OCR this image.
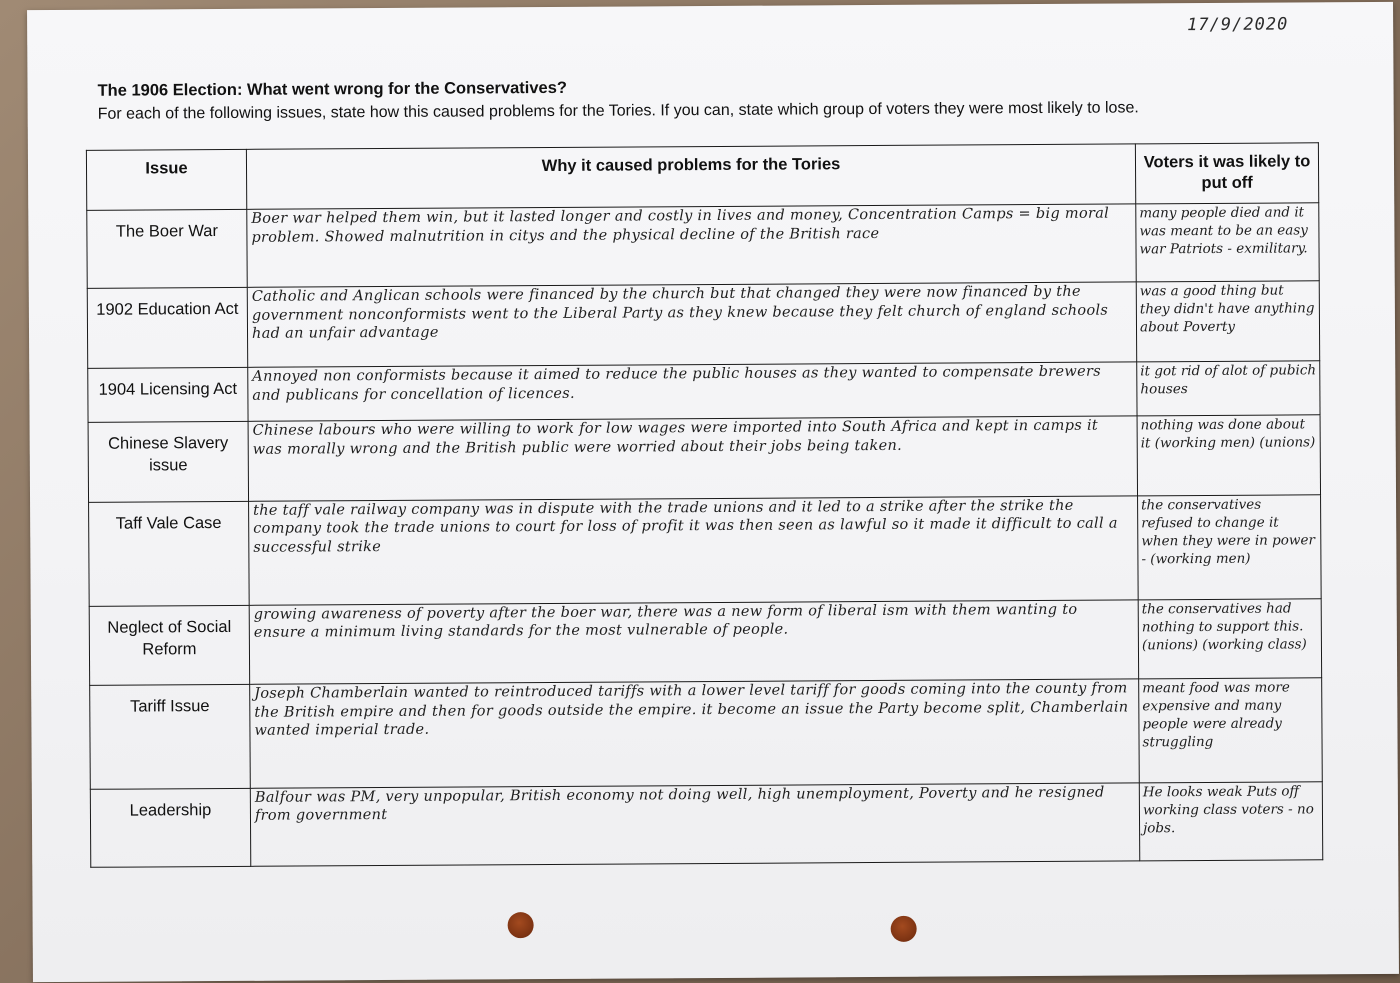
17/9/2020
The 1906 Election: What went wrong for the Conservatives?
For each of the following issues, state how this caused problems for the Tories. If you can, state which group of voters they were most likely to lose.
Issue	Why it caused problems for the Tories	Voters it was likely to put off
The Boer War	Boer war helped them win, but it lasted longer and costly in lives and money, Concentration Camps = big moral problem. Showed malnutrition in citys and the physical decline of the British race	many people died and it was meant to be an easy war Patriots - exmilitary.
1902 Education Act	Catholic and Anglican schools were financed by the church but that changed they were now financed by the government nonconformists went to the Liberal Party as they knew because they felt church of england schools had an unfair advantage	was a good thing but they didn't have anything about Poverty
1904 Licensing Act	Annoyed non conformists because it aimed to reduce the public houses as they wanted to compensate brewers and publicans for concellation of licences.	it got rid of alot of pubich houses
Chinese Slavery issue	Chinese labours who were willing to work for low wages were imported into South Africa and kept in camps it was morally wrong and the British public were worried about their jobs being taken.	nothing was done about it (working men) (unions)
Taff Vale Case	the taff vale railway company was in dispute with the trade unions and it led to a strike after the strike the company took the trade unions to court for loss of profit it was then seen as lawful so it made it difficult to call a successful strike	the conservatives refused to change it when they were in power - (working men)
Neglect of Social Reform	growing awareness of poverty after the boer war, there was a new form of liberal ism with them wanting to ensure a minimum living standards for the most vulnerable of people.	the conservatives had nothing to support this. (unions) (working class)
Tariff Issue	Joseph Chamberlain wanted to reintroduced tariffs with a lower level tariff for goods coming into the county from the British empire and then for goods outside the empire. it become an issue the Party become split, Chamberlain wanted imperial trade.	meant food was more expensive and many people were already struggling
Leadership	Balfour was PM, very unpopular, British economy not doing well, high unemployment, Poverty and he resigned from government	He looks weak Puts off working class voters - no jobs.
